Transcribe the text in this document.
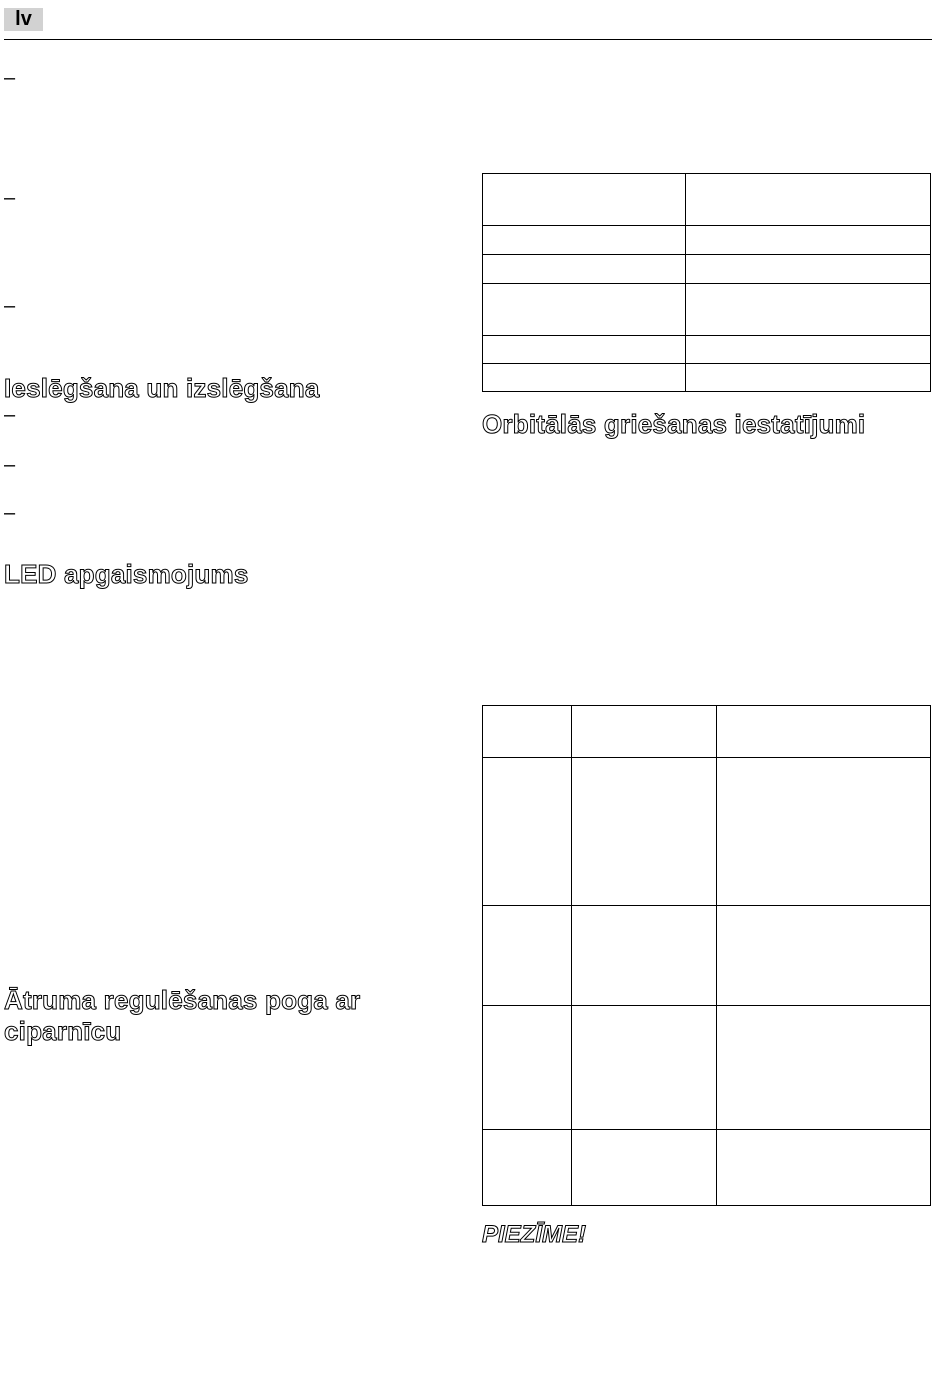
lv
–
–
–
Ieslēgšana un izslēgšana
–
–
–
LED apgaismojums
Ātruma regulēšanas poga ar
ciparnīcu

Orbitālās griešanas iestatījumi

PIEZĪME!
